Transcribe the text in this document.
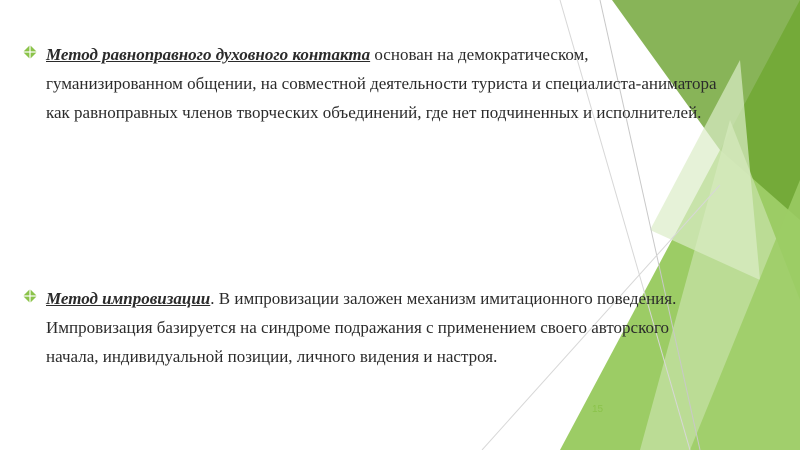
Метод равноправного духовного контакта основан на демократическом, гуманизированном общении, на совместной деятельности туриста и специалиста-аниматора как равноправных членов творческих объединений, где нет подчиненных и исполнителей.

Метод импровизации. В импровизации заложен механизм имитационного поведения. Импровизация базируется на синдроме подражания с применением своего авторского начала, индивидуальной позиции, личного видения и настроя.

15
